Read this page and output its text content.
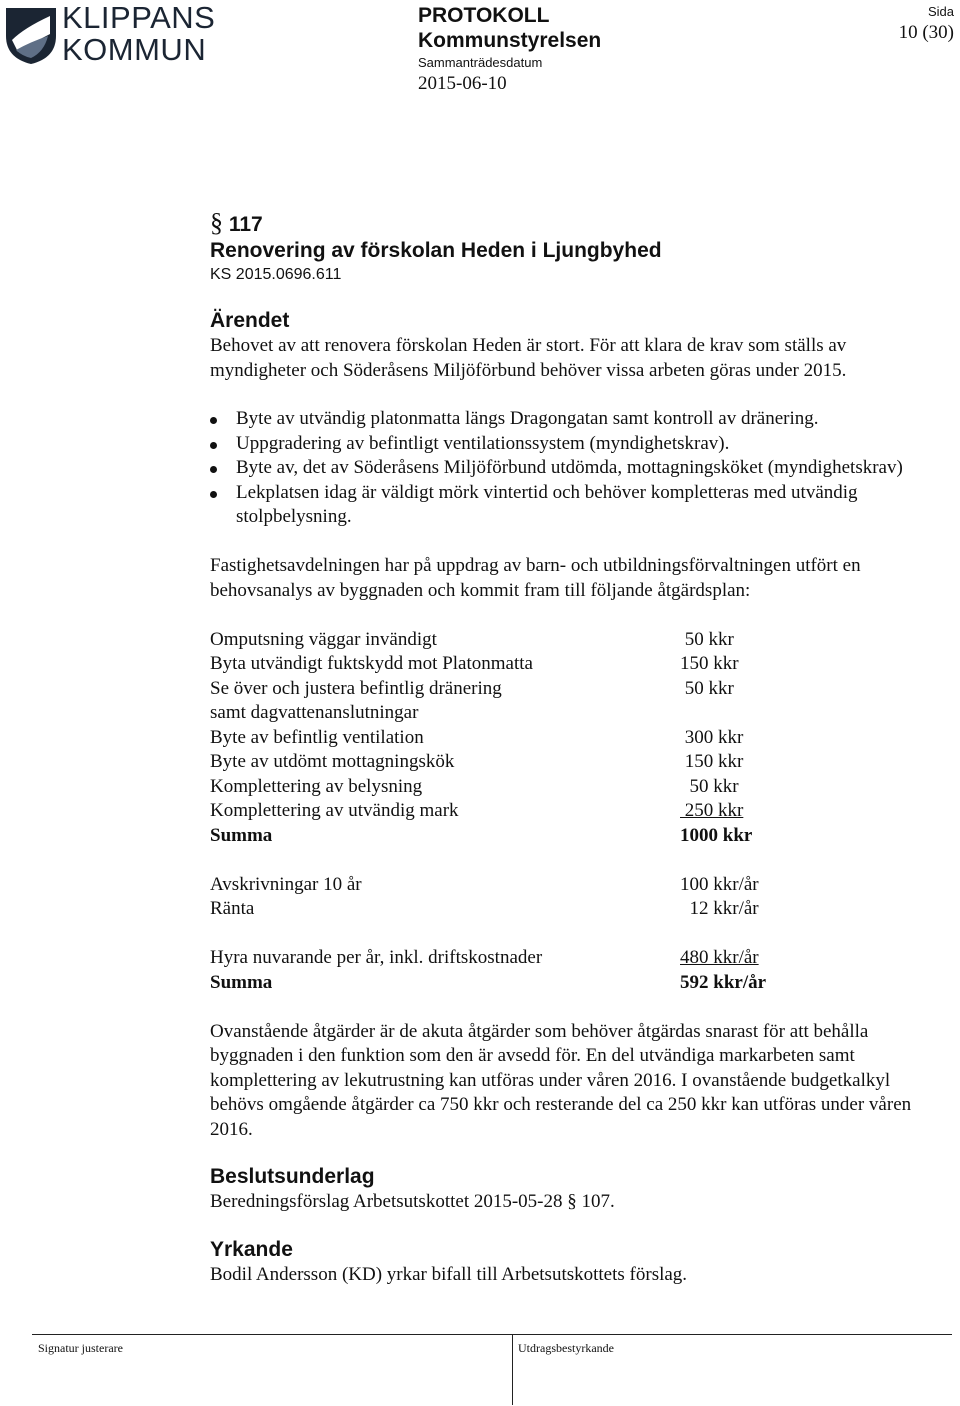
KLIPPANS
KOMMUN
PROTOKOLL
Kommunstyrelsen
Sammanträdesdatum
2015-06-10
Sida
10 (30)
§ 117
Renovering av förskolan Heden i Ljungbyhed
KS 2015.0696.611
Ärendet

Behovet av att renovera förskolan Heden är stort. För att klara de krav som ställs av myndigheter och Söderåsens Miljöförbund behöver vissa arbeten göras under 2015.

Byte av utvändig platonmatta längs Dragongatan samt kontroll av dränering.
Uppgradering av befintligt ventilationssystem (myndighetskrav).
Byte av, det av Söderåsens Miljöförbund utdömda, mottagningsköket (myndighetskrav)
Lekplatsen idag är väldigt mörk vintertid och behöver kompletteras med utvändig stolpbelysning.

Fastighetsavdelningen har på uppdrag av barn- och utbildningsförvaltningen utfört en behovsanalys av byggnaden och kommit fram till följande åtgärdsplan:

Omputsning väggar invändigt	50 kkr
Byta utvändigt fuktskydd mot Platonmatta	150 kkr
Se över och justera befintlig dränering	50 kkr
samt dagvattenanslutningar
Byte av befintlig ventilation	300 kkr
Byte av utdömt mottagningskök	150 kkr
Komplettering av belysning	50 kkr
Komplettering av utvändig mark	250 kkr
Summa	1000 kkr
Avskrivningar 10 år	100 kkr/år
Ränta	12 kkr/år
Hyra nuvarande per år, inkl. driftskostnader	480 kkr/år
Summa	592 kkr/år

Ovanstående åtgärder är de akuta åtgärder som behöver åtgärdas snarast för att behålla byggnaden i den funktion som den är avsedd för. En del utvändiga markarbeten samt komplettering av lekutrustning kan utföras under våren 2016. I ovanstående budgetkalkyl behövs omgående åtgärder ca 750 kkr och resterande del ca 250 kkr kan utföras under våren 2016.

Beslutsunderlag

Beredningsförslag Arbetsutskottet 2015-05-28 § 107.

Yrkande

Bodil Andersson (KD) yrkar bifall till Arbetsutskottets förslag.

Signatur justerare	Utdragsbestyrkande
